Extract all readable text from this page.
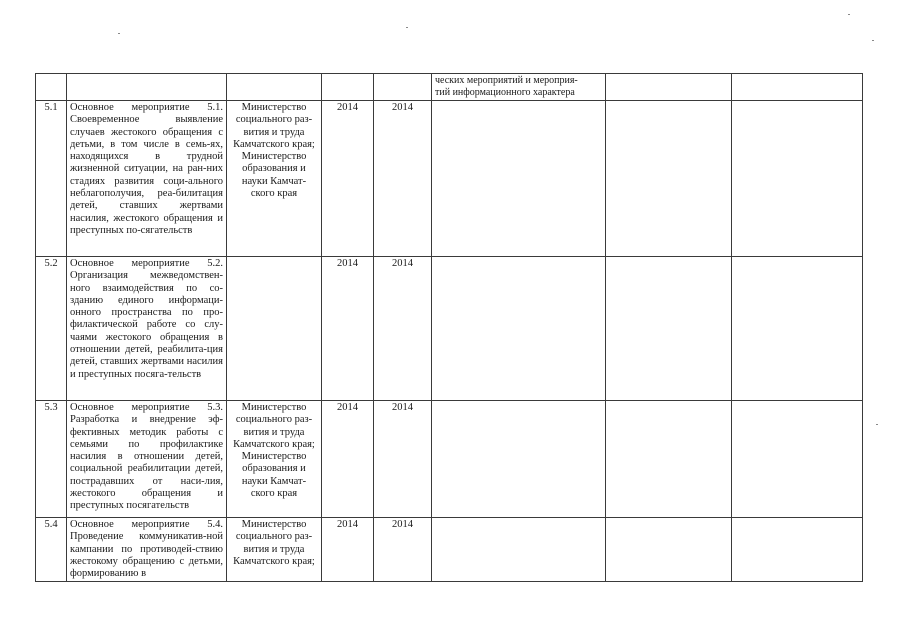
					ческих мероприятий и мероприя-
тий информационного характера		
5.1	Основное мероприятие 5.1. Своевременное выявление случаев жестокого обращения с детьми, в том числе в семь-ях, находящихся в трудной жизненной ситуации, на ран-них стадиях развития соци-ального неблагополучия, реа-билитация детей, ставших жертвами насилия, жестокого обращения и преступных по-сягательств	Министерство социального раз-вития и труда Камчатского края;
Министерство образования и науки Камчат-ского края	2014	2014			
5.2	Основное мероприятие 5.2. Организация межведомствен-ного взаимодействия по со-зданию единого информаци-онного пространства по про-филактической работе со слу-чаями жестокого обращения в отношении детей, реабилита-ция детей, ставших жертвами насилия и преступных посяга-тельств		2014	2014			
5.3	Основное мероприятие 5.3. Разработка и внедрение эф-фективных методик работы с семьями по профилактике насилия в отношении детей, социальной реабилитации детей, пострадавших от наси-лия, жестокого обращения и преступных посягательств	Министерство социального раз-вития и труда Камчатского края;
Министерство образования и науки Камчат-ского края	2014	2014			
5.4	Основное мероприятие 5.4. Проведение коммуникатив-ной кампании по противодей-ствию жестокому обращению с детьми, формированию в	Министерство социального раз-вития и труда Камчатского края;	2014	2014			
